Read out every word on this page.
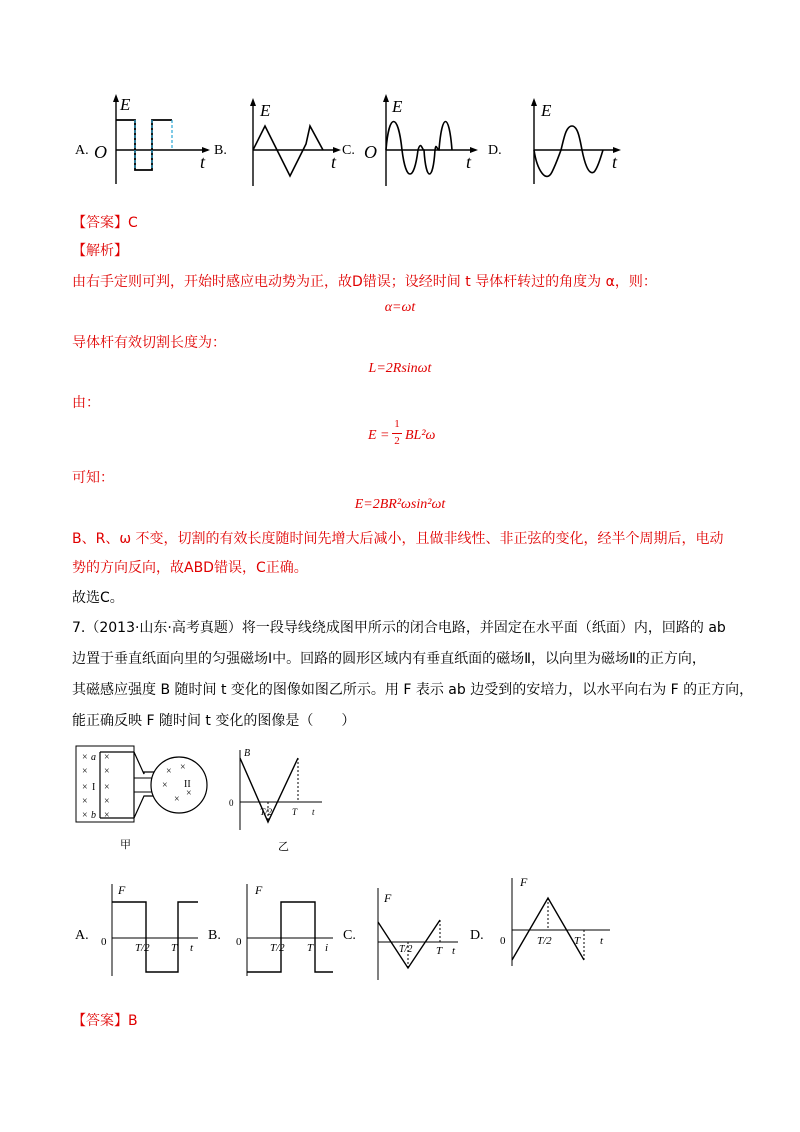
A.	B.	C.	D.
E
O	t
E
t
E
O	t
E
t
【答案】C
【解析】
由右手定则可判，开始时感应电动势为正，故D错误；设经时间 t 导体杆转过的角度为 α，则：
α=ωt
导体杆有效切割长度为：
L=2Rsinωt
由：
E =
1
2 BL²ω
可知：
E=2BR²ωsin²ωt
B、R、ω 不变，切割的有效长度随时间先增大后减小，且做非线性、非正弦的变化，经半个周期后，电动
势的方向反向，故ABD错误，C正确。
故选C。
7.（2013·山东·高考真题）将一段导线绕成图甲所示的闭合电路，并固定在水平面（纸面）内，回路的 ab
边置于垂直纸面向里的匀强磁场Ⅰ中。回路的圆形区域内有垂直纸面的磁场Ⅱ，以向里为磁场Ⅱ的正方向，
其磁感应强度 B 随时间 t 变化的图像如图乙所示。用 F 表示 ab 边受到的安培力，以水平向右为 F 的正方向，
能正确反映 F 随时间 t 变化的图像是（　　）
× ×
× ×
× ×
× ×
× ×
× ×
×
×
×
a
b
I	II
甲
B
0
T/2 T t
乙
A.	B.	C.	D.
F
0	T/2 T t
F
0	T/2 T i
F
T/2 T t
F
0	T/2 T t
【答案】B
